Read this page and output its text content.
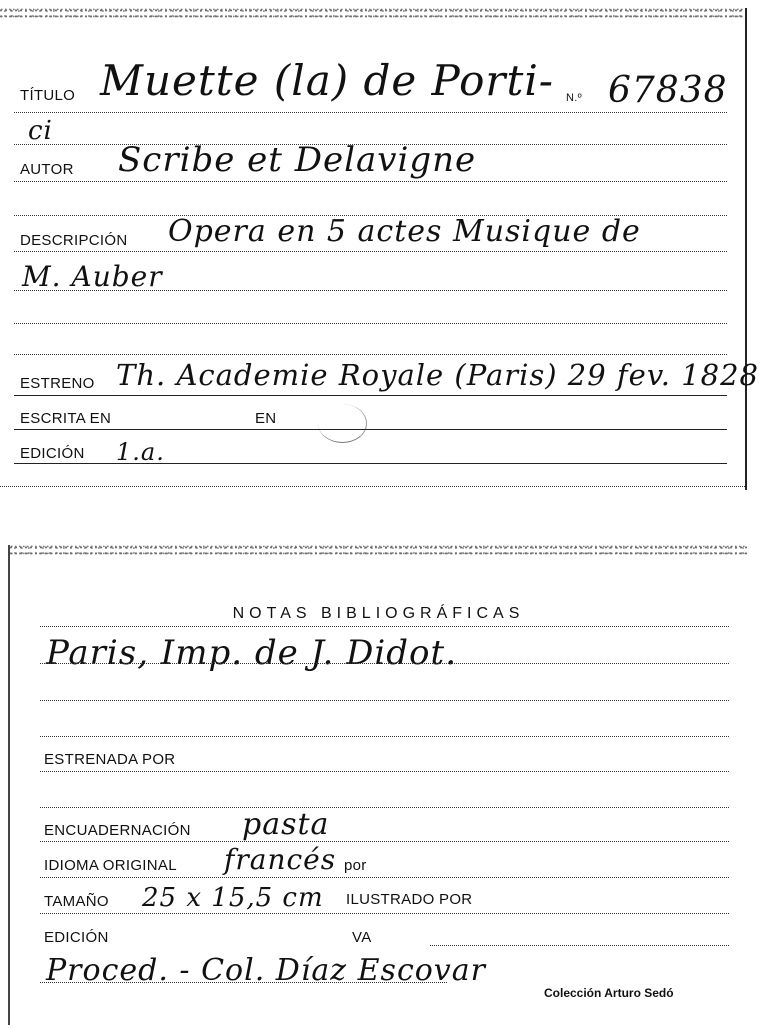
TÍTULO Muette (la) de Porti- N.º 67838
ci
AUTOR Scribe et Delavigne
DESCRIPCIÓN Opera en 5 actes Musique de
M. Auber
ESTRENO Th. Academie Royale (Paris) 29 fev. 1828
ESCRITA EN	EN
EDICIÓN 1.a.
NOTAS BIBLIOGRÁFICAS
Paris, Imp. de J. Didot.
ESTRENADA POR
ENCUADERNACIÓN pasta
IDIOMA ORIGINAL francés por
TAMAÑO 25 x 15,5 cm ILUSTRADO POR
EDICIÓN	VA
Proced. - Col. Díaz Escovar
Colección Arturo Sedó
